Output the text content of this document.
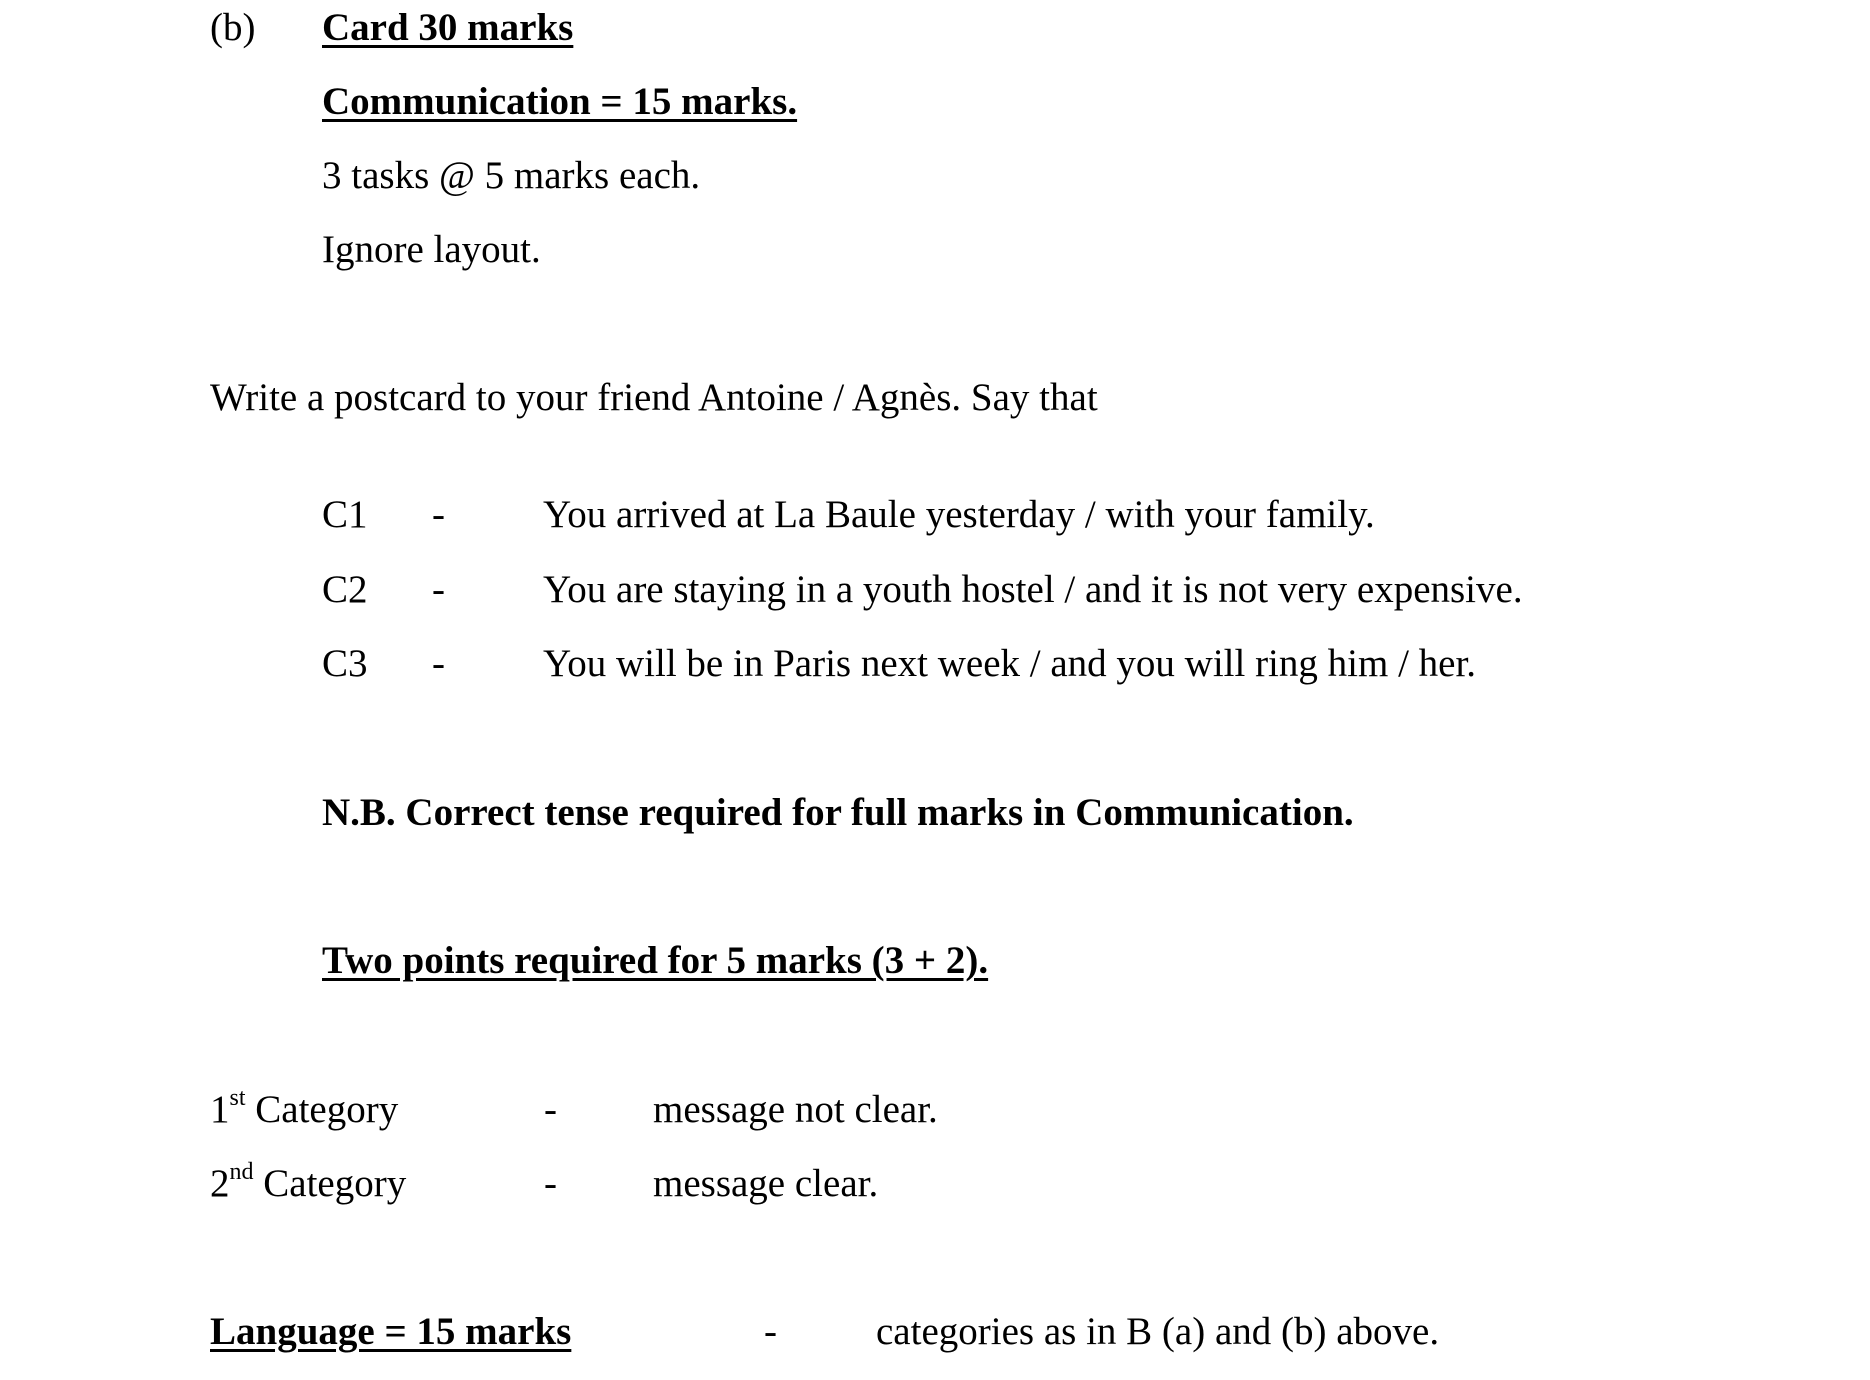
(b) Card 30 marks
Communication = 15 marks.
3 tasks @ 5 marks each.
Ignore layout.
Write a postcard to your friend Antoine / Agnès. Say that
C1 -	You arrived at La Baule yesterday / with your family.
C2 -	You are staying in a youth hostel / and it is not very expensive.
C3 -	You will be in Paris next week / and you will ring him / her.
N.B. Correct tense required for full marks in Communication.
Two points required for 5 marks (3 + 2).
1st Category	- message not clear.
2nd Category	- message clear.
Language = 15 marks	-	categories as in B (a) and (b) above.
